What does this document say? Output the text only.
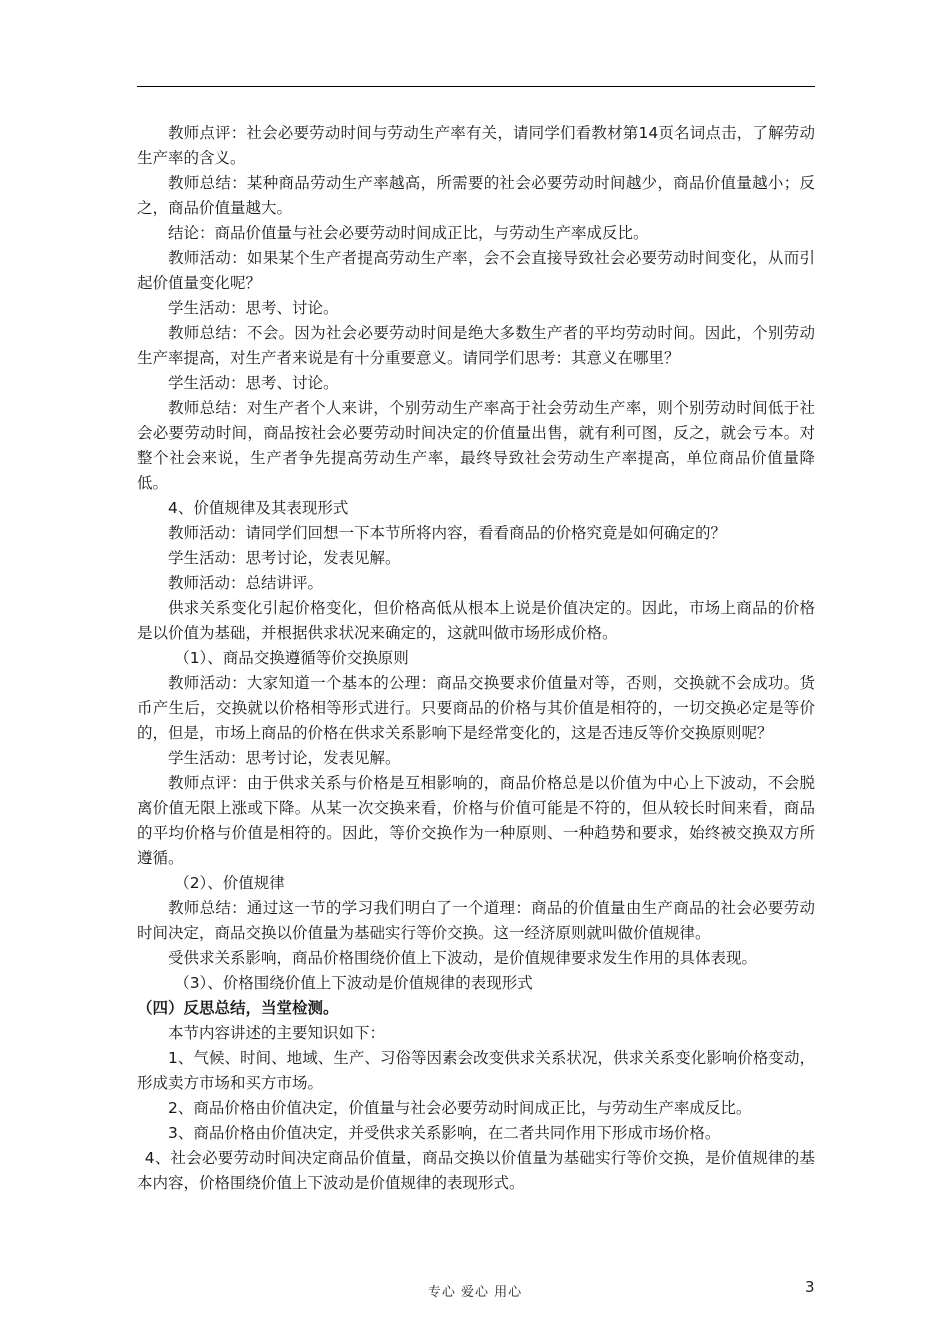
教师点评：社会必要劳动时间与劳动生产率有关，请同学们看教材第14页名词点击，了解劳动生产率的含义。

教师总结：某种商品劳动生产率越高，所需要的社会必要劳动时间越少，商品价值量越小；反之，商品价值量越大。

结论：商品价值量与社会必要劳动时间成正比，与劳动生产率成反比。

教师活动：如果某个生产者提高劳动生产率，会不会直接导致社会必要劳动时间变化，从而引起价值量变化呢？

学生活动：思考、讨论。

教师总结：不会。因为社会必要劳动时间是绝大多数生产者的平均劳动时间。因此，个别劳动生产率提高，对生产者来说是有十分重要意义。请同学们思考：其意义在哪里？

学生活动：思考、讨论。

教师总结：对生产者个人来讲，个别劳动生产率高于社会劳动生产率，则个别劳动时间低于社会必要劳动时间，商品按社会必要劳动时间决定的价值量出售，就有利可图，反之，就会亏本。对整个社会来说，生产者争先提高劳动生产率，最终导致社会劳动生产率提高，单位商品价值量降低。

4、价值规律及其表现形式

教师活动：请同学们回想一下本节所将内容，看看商品的价格究竟是如何确定的？

学生活动：思考讨论，发表见解。

教师活动：总结讲评。

供求关系变化引起价格变化，但价格高低从根本上说是价值决定的。因此，市场上商品的价格是以价值为基础，并根据供求状况来确定的，这就叫做市场形成价格。

（1）、商品交换遵循等价交换原则

教师活动：大家知道一个基本的公理：商品交换要求价值量对等，否则，交换就不会成功。货币产生后，交换就以价格相等形式进行。只要商品的价格与其价值是相符的，一切交换必定是等价的，但是，市场上商品的价格在供求关系影响下是经常变化的，这是否违反等价交换原则呢？

学生活动：思考讨论，发表见解。

教师点评：由于供求关系与价格是互相影响的，商品价格总是以价值为中心上下波动，不会脱离价值无限上涨或下降。从某一次交换来看，价格与价值可能是不符的，但从较长时间来看，商品的平均价格与价值是相符的。因此，等价交换作为一种原则、一种趋势和要求，始终被交换双方所遵循。

（2）、价值规律

教师总结：通过这一节的学习我们明白了一个道理：商品的价值量由生产商品的社会必要劳动时间决定，商品交换以价值量为基础实行等价交换。这一经济原则就叫做价值规律。

受供求关系影响，商品价格围绕价值上下波动，是价值规律要求发生作用的具体表现。

（3）、价格围绕价值上下波动是价值规律的表现形式

（四）反思总结，当堂检测。

本节内容讲述的主要知识如下：

1、气候、时间、地域、生产、习俗等因素会改变供求关系状况，供求关系变化影响价格变动，形成卖方市场和买方市场。

2、商品价格由价值决定，价值量与社会必要劳动时间成正比，与劳动生产率成反比。

3、商品价格由价值决定，并受供求关系影响，在二者共同作用下形成市场价格。

4、社会必要劳动时间决定商品价值量，商品交换以价值量为基础实行等价交换，是价值规律的基本内容，价格围绕价值上下波动是价值规律的表现形式。

专心 爱心 用心	3
